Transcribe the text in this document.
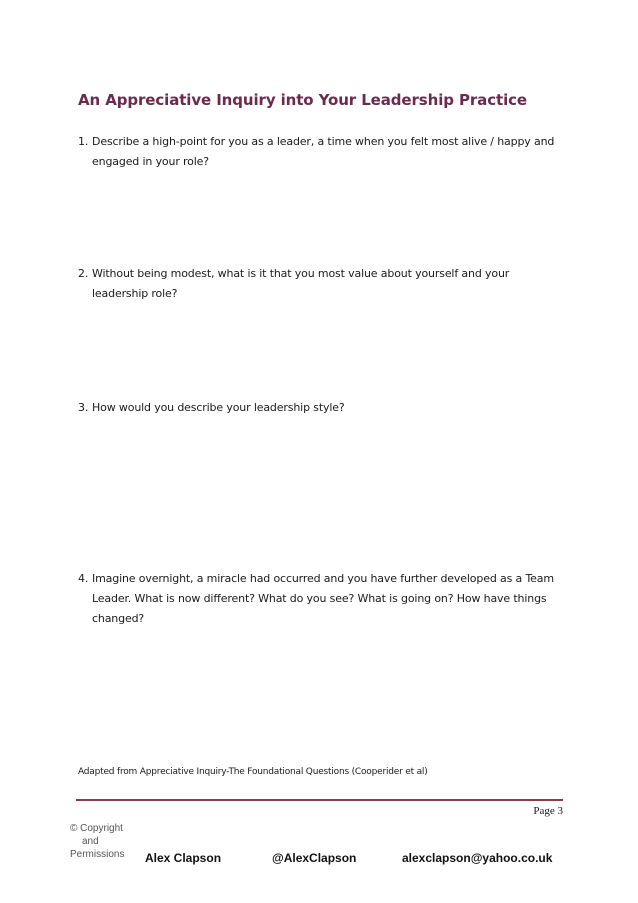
An Appreciative Inquiry into Your Leadership Practice
1. Describe a high-point for you as a leader, a time when you felt most alive / happy and engaged in your role?
2. Without being modest, what is it that you most value about yourself and your leadership role?
3. How would you describe your leadership style?
4. Imagine overnight, a miracle had occurred and you have further developed as a Team Leader. What is now different? What do you see? What is going on? How have things changed?
Adapted from Appreciative Inquiry-The Foundational Questions (Cooperider et al)
Page 3
© Copyright
and
Permissions Alex Clapson	@AlexClapson	alexclapson@yahoo.co.uk
